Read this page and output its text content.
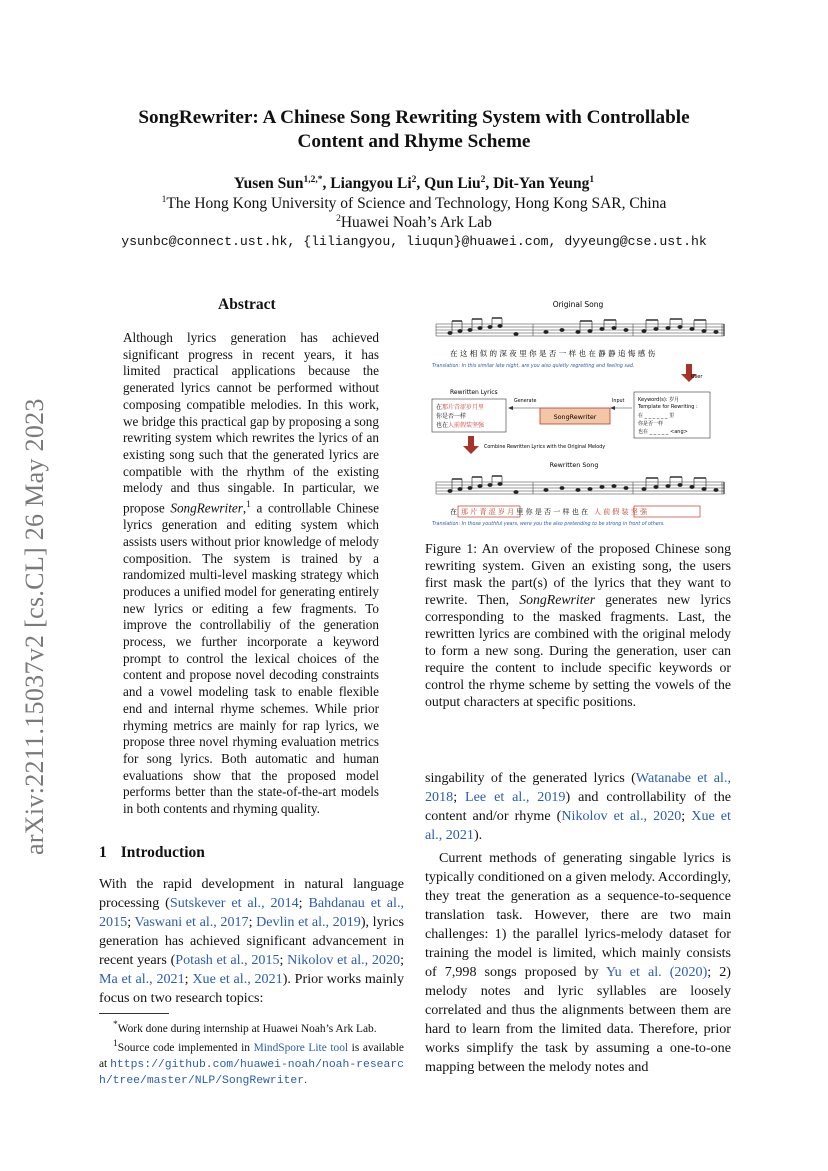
arXiv:2211.15037v2 [cs.CL] 26 May 2023
SongRewriter: A Chinese Song Rewriting System with Controllable
Content and Rhyme Scheme
Yusen Sun$^{1,2,*}$, Liangyou Li$^2$, Qun Liu$^2$, Dit-Yan Yeung$^1$
$^1$The Hong Kong University of Science and Technology, Hong Kong SAR, China
$^2$Huawei Noah’s Ark Lab
ysunbc@connect.ust.hk, {liliangyou, liuqun}@huawei.com, dyyeung@cse.ust.hk
Abstract
Although lyrics generation has achieved significant progress in recent years, it has limited practical applications because the generated lyrics cannot be performed without composing compatible melodies. In this work, we bridge this practical gap by proposing a song rewriting system which rewrites the lyrics of an existing song such that the generated lyrics are compatible with the rhythm of the existing melody and thus singable. In particular, we propose SongRewriter,$^1$ a controllable Chinese lyrics generation and editing system which assists users without prior knowledge of melody composition. The system is trained by a randomized multi-level masking strategy which produces a unified model for generating entirely new lyrics or editing a few fragments. To improve the controllabiliy of the generation process, we further incorporate a keyword prompt to control the lexical choices of the content and propose novel decoding constraints and a vowel modeling task to enable flexible end and internal rhyme schemes. While prior rhyming metrics are mainly for rap lyrics, we propose three novel rhyming evaluation metrics for song lyrics. Both automatic and human evaluations show that the proposed model performs better than the state-of-the-art models in both contents and rhyming quality.
1 Introduction
With the rapid development in natural language processing (Sutskever et al., 2014; Bahdanau et al., 2015; Vaswani et al., 2017; Devlin et al., 2019), lyrics generation has achieved significant advancement in recent years (Potash et al., 2015; Nikolov et al., 2020; Ma et al., 2021; Xue et al., 2021). Prior works mainly focus on two research topics:
*Work done during internship at Huawei Noah’s Ark Lab.
$^1$Source code implemented in MindSpore Lite tool is available at https://github.com/huawei-noah/noah-research/tree/master/NLP/SongRewriter.
Original Song
在 这 相 似 的 深 夜 里 你 是 否 一 样 也 在 静 静 追 悔 感 伤
Translation: In this similar late night, are you also quietly regretting and feeling sad.
User
Rewritten Lyrics
在那片青涩岁月里
你是否一样
也在人前假装坚强
Generate
SongRewriter
Input	Keyword(s): 岁月
Template for Rewriting :
在 _ _ _ _ _ _ 里
你是否一样
也在 _ _ _ _ _ <ang>
Combine Rewritten Lyrics with the Original Melody
Rewritten Song
在 那 片 青 涩 岁 月 里 你 是 否 一 样 也 在 人 前 假 装 坚 强
Translation: In those youthful years, were you the also pretending to be strong in front of others.
Figure 1: An overview of the proposed Chinese song rewriting system. Given an existing song, the users first mask the part(s) of the lyrics that they want to rewrite. Then, SongRewriter generates new lyrics corresponding to the masked fragments. Last, the rewritten lyrics are combined with the original melody to form a new song. During the generation, user can require the content to include specific keywords or control the rhyme scheme by setting the vowels of the output characters at specific positions.

singability of the generated lyrics (Watanabe et al., 2018; Lee et al., 2019) and controllability of the content and/or rhyme (Nikolov et al., 2020; Xue et al., 2021).

Current methods of generating singable lyrics is typically conditioned on a given melody. Accordingly, they treat the generation as a sequence-to-sequence translation task. However, there are two main challenges: 1) the parallel lyrics-melody dataset for training the model is limited, which mainly consists of 7,998 songs proposed by Yu et al. (2020); 2) melody notes and lyric syllables are loosely correlated and thus the alignments between them are hard to learn from the limited data. Therefore, prior works simplify the task by assuming a one-to-one mapping between the melody notes and
